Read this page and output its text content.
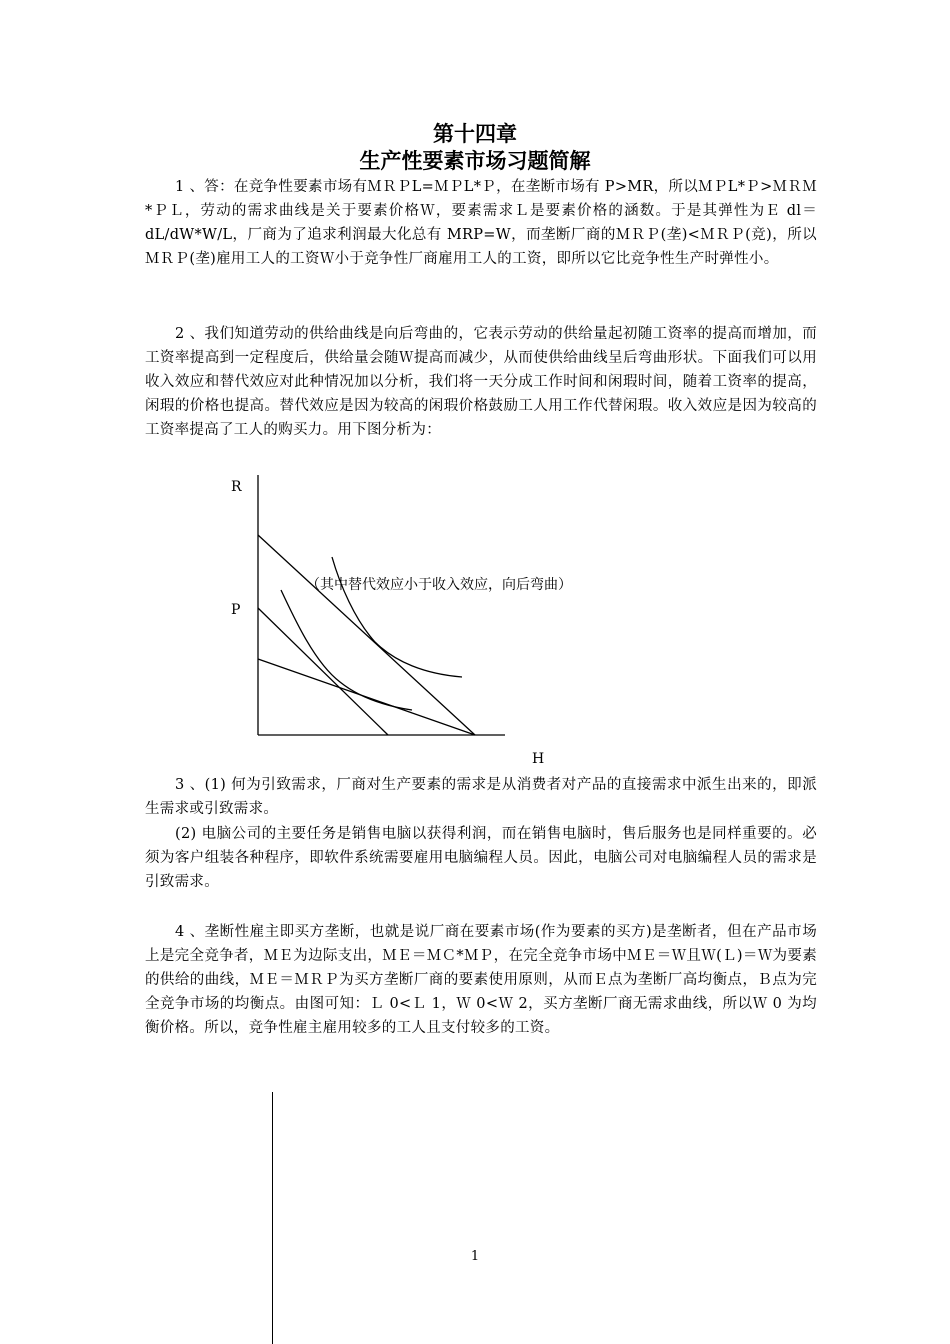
第十四章
生产性要素市场习题简解

1 、答：在竞争性要素市场有ＭＲＰL=ＭＰL*Ｐ，在垄断市场有 P>MR，所以ＭＰL*Ｐ>ＭＲＭ*ＰＬ，劳动的需求曲线是关于要素价格Ｗ，要素需求Ｌ是要素价格的涵数。于是其弹性为Ｅ dl＝dL/dW*W/L，厂商为了追求利润最大化总有 MRP=W，而垄断厂商的ＭＲＰ(垄)<ＭＲＰ(竞)，所以ＭＲＰ(垄)雇用工人的工资Ｗ小于竞争性厂商雇用工人的工资，即所以它比竞争性生产时弹性小。

2 、我们知道劳动的供给曲线是向后弯曲的，它表示劳动的供给量起初随工资率的提高而增加，而工资率提高到一定程度后，供给量会随Ｗ提高而减少，从而使供给曲线呈后弯曲形状。下面我们可以用收入效应和替代效应对此种情况加以分析，我们将一天分成工作时间和闲瑕时间，随着工资率的提高，闲瑕的价格也提高。替代效应是因为较高的闲瑕价格鼓励工人用工作代替闲瑕。收入效应是因为较高的工资率提高了工人的购买力。用下图分析为：

R
P
H
（其中替代效应小于收入效应，向后弯曲）

3 、(1) 何为引致需求，厂商对生产要素的需求是从消费者对产品的直接需求中派生出来的，即派生需求或引致需求。

(2) 电脑公司的主要任务是销售电脑以获得利润，而在销售电脑时，售后服务也是同样重要的。必须为客户组装各种程序，即软件系统需要雇用电脑编程人员。因此，电脑公司对电脑编程人员的需求是引致需求。

4 、垄断性雇主即买方垄断，也就是说厂商在要素市场(作为要素的买方)是垄断者，但在产品市场上是完全竞争者，ＭＥ为边际支出，ＭＥ＝ＭＣ*ＭＰ，在完全竞争市场中ＭＥ＝Ｗ且Ｗ(Ｌ)＝Ｗ为要素的供给的曲线，ＭＥ＝ＭＲＰ为买方垄断厂商的要素使用原则，从而Ｅ点为垄断厂高均衡点，Ｂ点为完全竞争市场的均衡点。由图可知：Ｌ 0<Ｌ 1，Ｗ 0<Ｗ 2，买方垄断厂商无需求曲线，所以Ｗ 0 为均衡价格。所以，竞争性雇主雇用较多的工人且支付较多的工资。

1
